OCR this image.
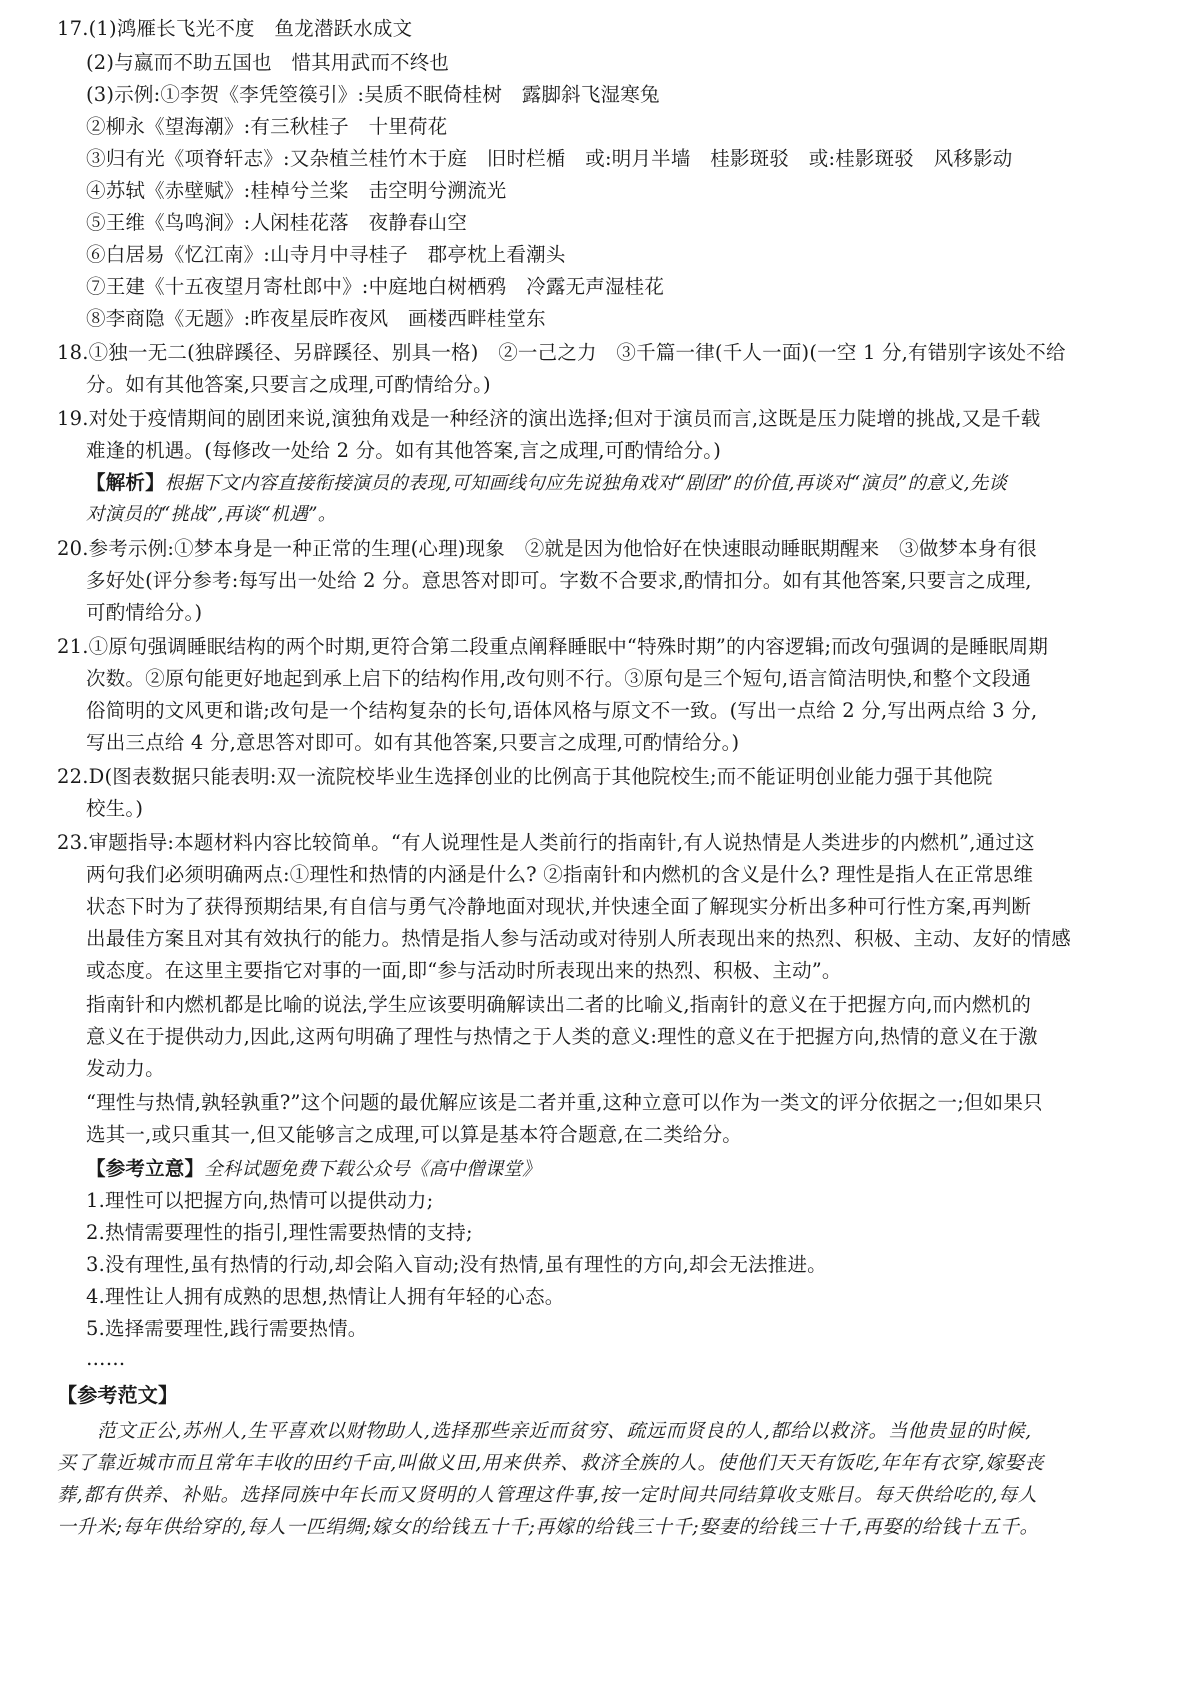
17.(1)鸿雁长飞光不度　鱼龙潜跃水成文
(2)与嬴而不助五国也　惜其用武而不终也
(3)示例:①李贺《李凭箜篌引》:吴质不眠倚桂树　露脚斜飞湿寒兔
②柳永《望海潮》:有三秋桂子　十里荷花
③归有光《项脊轩志》:又杂植兰桂竹木于庭　旧时栏楯　或:明月半墙　桂影斑驳　或:桂影斑驳　风移影动
④苏轼《赤壁赋》:桂棹兮兰桨　击空明兮溯流光
⑤王维《鸟鸣涧》:人闲桂花落　夜静春山空
⑥白居易《忆江南》:山寺月中寻桂子　郡亭枕上看潮头
⑦王建《十五夜望月寄杜郎中》:中庭地白树栖鸦　冷露无声湿桂花
⑧李商隐《无题》:昨夜星辰昨夜风　画楼西畔桂堂东
18.①独一无二(独辟蹊径、另辟蹊径、别具一格)　②一己之力　③千篇一律(千人一面)(一空 1 分,有错别字该处不给
分。如有其他答案,只要言之成理,可酌情给分。)
19.对处于疫情期间的剧团来说,演独角戏是一种经济的演出选择;但对于演员而言,这既是压力陡增的挑战,又是千载
难逢的机遇。(每修改一处给 2 分。如有其他答案,言之成理,可酌情给分。)
【解析】根据下文内容直接衔接演员的表现,可知画线句应先说独角戏对“剧团”的价值,再谈对“演员”的意义,先谈
对演员的“挑战”,再谈“机遇”。
20.参考示例:①梦本身是一种正常的生理(心理)现象　②就是因为他恰好在快速眼动睡眠期醒来　③做梦本身有很
多好处(评分参考:每写出一处给 2 分。意思答对即可。字数不合要求,酌情扣分。如有其他答案,只要言之成理,
可酌情给分。)
21.①原句强调睡眠结构的两个时期,更符合第二段重点阐释睡眠中“特殊时期”的内容逻辑;而改句强调的是睡眠周期
次数。②原句能更好地起到承上启下的结构作用,改句则不行。③原句是三个短句,语言简洁明快,和整个文段通
俗简明的文风更和谐;改句是一个结构复杂的长句,语体风格与原文不一致。(写出一点给 2 分,写出两点给 3 分,
写出三点给 4 分,意思答对即可。如有其他答案,只要言之成理,可酌情给分。)
22.D(图表数据只能表明:双一流院校毕业生选择创业的比例高于其他院校生;而不能证明创业能力强于其他院
校生。)
23.审题指导:本题材料内容比较简单。“有人说理性是人类前行的指南针,有人说热情是人类进步的内燃机”,通过这
两句我们必须明确两点:①理性和热情的内涵是什么? ②指南针和内燃机的含义是什么? 理性是指人在正常思维
状态下时为了获得预期结果,有自信与勇气冷静地面对现状,并快速全面了解现实分析出多种可行性方案,再判断
出最佳方案且对其有效执行的能力。热情是指人参与活动或对待别人所表现出来的热烈、积极、主动、友好的情感
或态度。在这里主要指它对事的一面,即“参与活动时所表现出来的热烈、积极、主动”。
指南针和内燃机都是比喻的说法,学生应该要明确解读出二者的比喻义,指南针的意义在于把握方向,而内燃机的
意义在于提供动力,因此,这两句明确了理性与热情之于人类的意义:理性的意义在于把握方向,热情的意义在于激
发动力。
“理性与热情,孰轻孰重?”这个问题的最优解应该是二者并重,这种立意可以作为一类文的评分依据之一;但如果只
选其一,或只重其一,但又能够言之成理,可以算是基本符合题意,在二类给分。
【参考立意】全科试题免费下载公众号《高中僧课堂》
1.理性可以把握方向,热情可以提供动力;
2.热情需要理性的指引,理性需要热情的支持;
3.没有理性,虽有热情的行动,却会陷入盲动;没有热情,虽有理性的方向,却会无法推进。
4.理性让人拥有成熟的思想,热情让人拥有年轻的心态。
5.选择需要理性,践行需要热情。
……
【参考范文】
范文正公,苏州人,生平喜欢以财物助人,选择那些亲近而贫穷、疏远而贤良的人,都给以救济。当他贵显的时候,
买了靠近城市而且常年丰收的田约千亩,叫做义田,用来供养、救济全族的人。使他们天天有饭吃,年年有衣穿,嫁娶丧
葬,都有供养、补贴。选择同族中年长而又贤明的人管理这件事,按一定时间共同结算收支账目。每天供给吃的,每人
一升米;每年供给穿的,每人一匹绢绸;嫁女的给钱五十千;再嫁的给钱三十千;娶妻的给钱三十千,再娶的给钱十五千。
